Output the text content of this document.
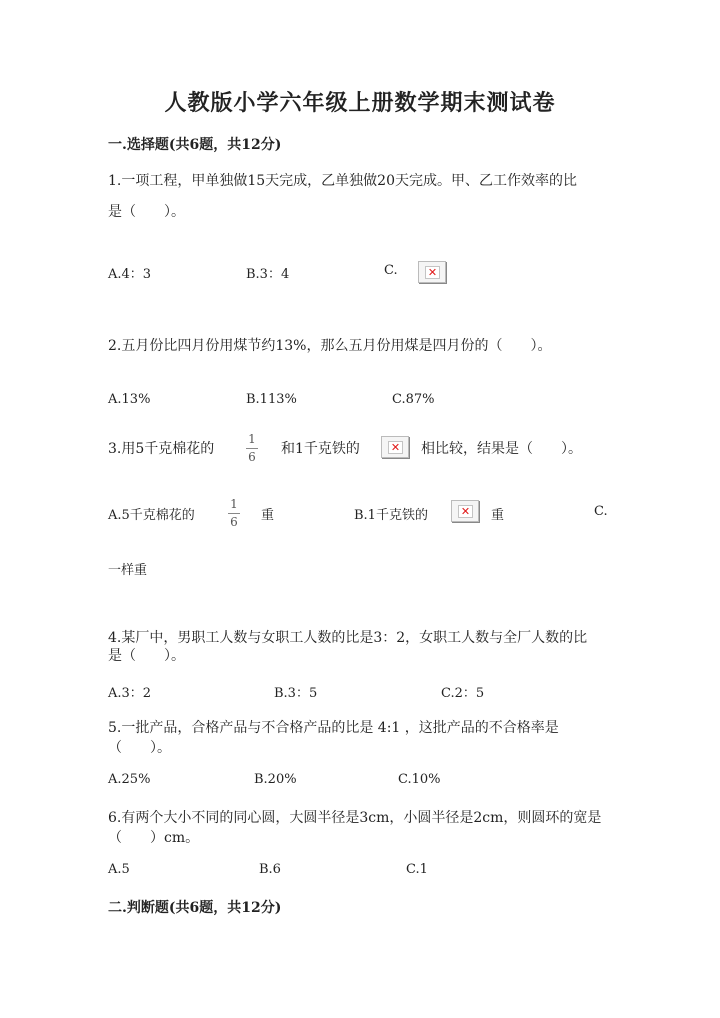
人教版小学六年级上册数学期末测试卷
一.选择题(共6题，共12分)
1.一项工程，甲单独做15天完成，乙单独做20天完成。甲、乙工作效率的比
是（　　）。
A.4：3	B.3：4	C.	✕
2.五月份比四月份用煤节约13%，那么五月份用煤是四月份的（　　）。
A.13%	B.113%	C.87%
3.用5千克棉花的
1
6 和1千克铁的	✕ 相比较，结果是（　　）。
A.5千克棉花的
1
6 重	B.1千克铁的	✕ 重	C.
一样重
4.某厂中，男职工人数与女职工人数的比是3：2，女职工人数与全厂人数的比
是（　　）。
A.3：2	B.3：5	C.2：5
5.一批产品，合格产品与不合格产品的比是 4:1 ，这批产品的不合格率是
（　　）。
A.25%	B.20%	C.10%
6.有两个大小不同的同心圆，大圆半径是3cm，小圆半径是2cm，则圆环的宽是
（　　）cm。
A.5	B.6	C.1
二.判断题(共6题，共12分)
